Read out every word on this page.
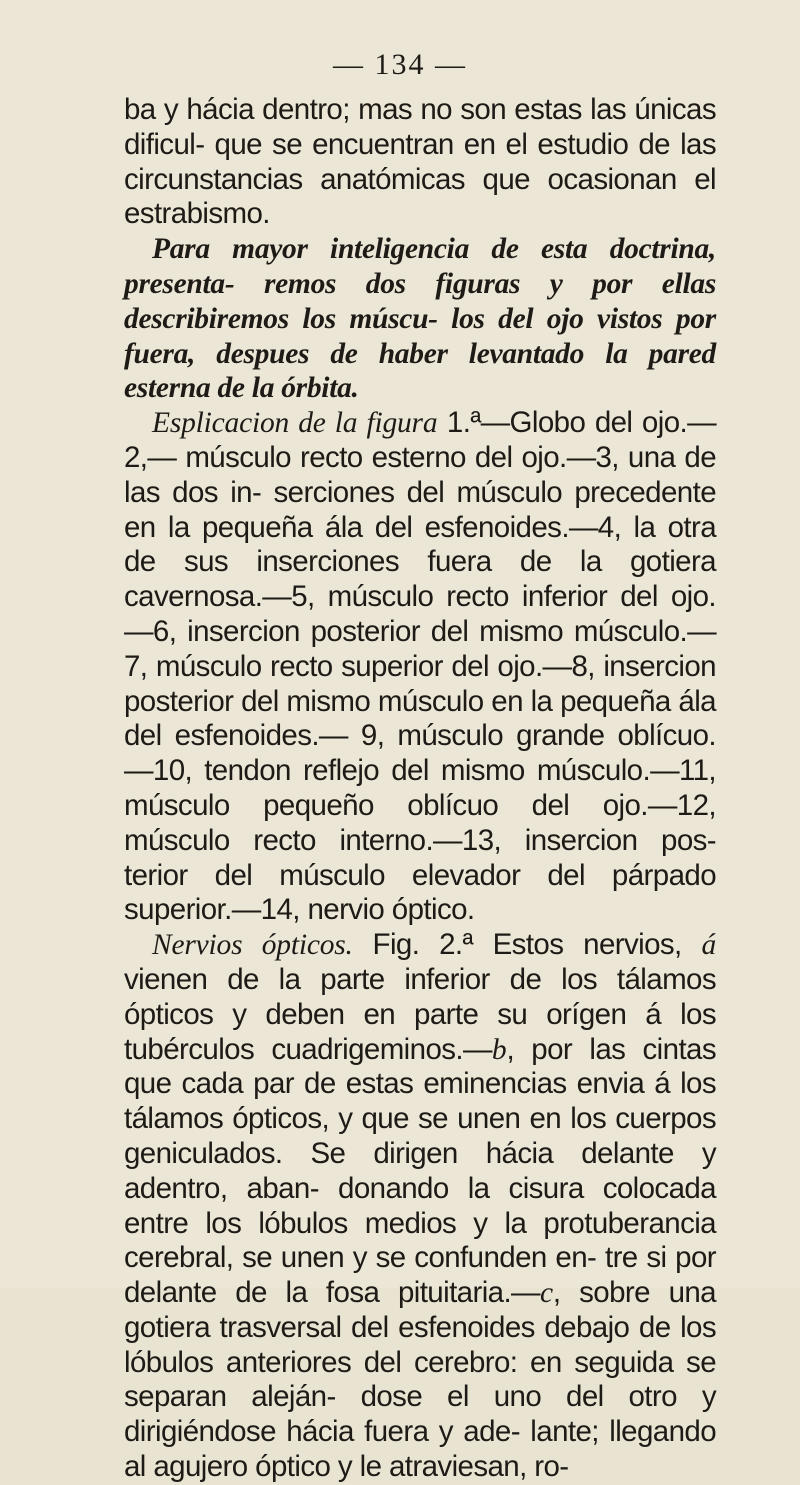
— 134 —

ba y hácia dentro; mas no son estas las únicas dificul- que se encuentran en el estudio de las circunstancias anatómicas que ocasionan el estrabismo.

Para mayor inteligencia de esta doctrina, presenta- remos dos figuras y por ellas describiremos los múscu- los del ojo vistos por fuera, despues de haber levantado la pared esterna de la órbita.

Esplicacion de la figura 1.ª—Globo del ojo.—2,— músculo recto esterno del ojo.—3, una de las dos in- serciones del músculo precedente en la pequeña ála del esfenoides.—4, la otra de sus inserciones fuera de la gotiera cavernosa.—5, músculo recto inferior del ojo.—6, insercion posterior del mismo músculo.—7, músculo recto superior del ojo.—8, insercion posterior del mismo músculo en la pequeña ála del esfenoides.— 9, músculo grande oblícuo.—10, tendon reflejo del mismo músculo.—11, músculo pequeño oblícuo del ojo.—12, músculo recto interno.—13, insercion pos- terior del músculo elevador del párpado superior.—14, nervio óptico.

Nervios ópticos. Fig. 2.ª Estos nervios, á vienen de la parte inferior de los tálamos ópticos y deben en parte su orígen á los tubérculos cuadrigeminos.—b, por las cintas que cada par de estas eminencias envia á los tálamos ópticos, y que se unen en los cuerpos geniculados. Se dirigen hácia delante y adentro, aban- donando la cisura colocada entre los lóbulos medios y la protuberancia cerebral, se unen y se confunden en- tre si por delante de la fosa pituitaria.—c, sobre una gotiera trasversal del esfenoides debajo de los lóbulos anteriores del cerebro: en seguida se separan aleján- dose el uno del otro y dirigiéndose hácia fuera y ade- lante; llegando al agujero óptico y le atraviesan, ro-
